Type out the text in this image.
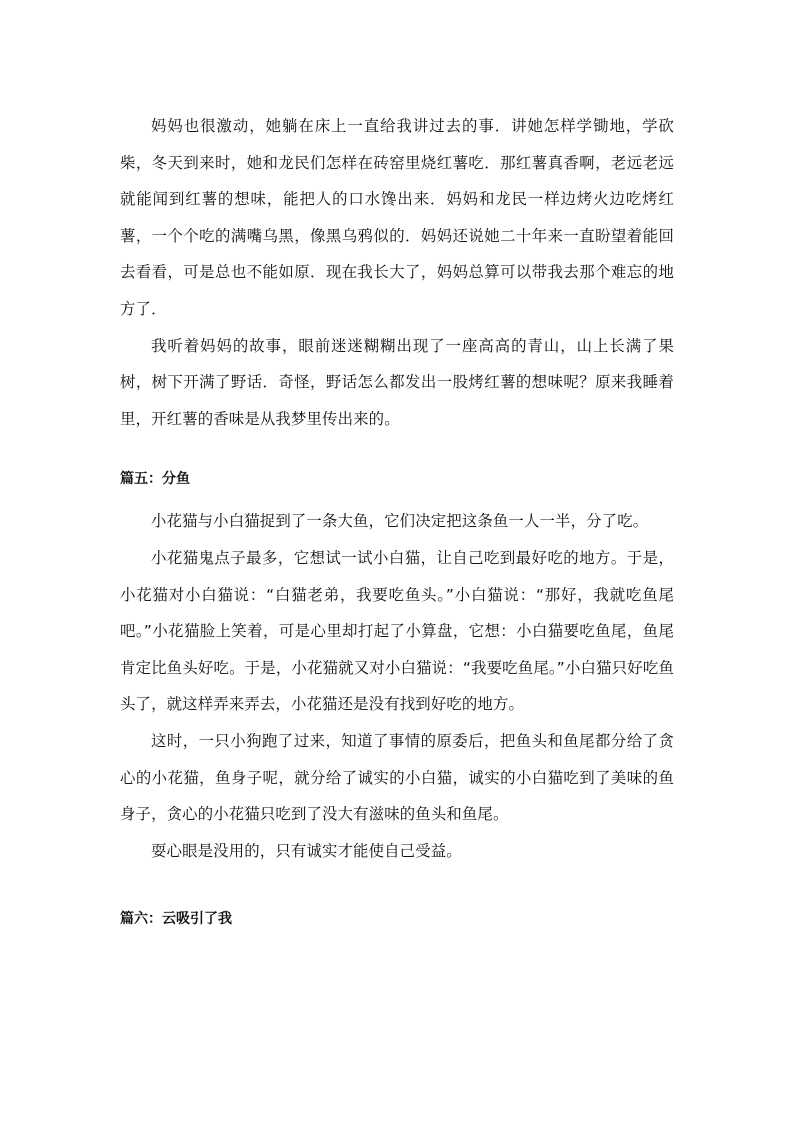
妈妈也很激动，她躺在床上一直给我讲过去的事．讲她怎样学锄地，学砍柴，冬天到来时，她和龙民们怎样在砖窑里烧红薯吃．那红薯真香啊，老远老远就能闻到红薯的想味，能把人的口水馋出来．妈妈和龙民一样边烤火边吃烤红薯，一个个吃的满嘴乌黑，像黑乌鸦似的．妈妈还说她二十年来一直盼望着能回去看看，可是总也不能如原．现在我长大了，妈妈总算可以带我去那个难忘的地方了．

我听着妈妈的故事，眼前迷迷糊糊出现了一座高高的青山，山上长满了果树，树下开满了野话．奇怪，野话怎么都发出一股烤红薯的想味呢？原来我睡着里，开红薯的香味是从我梦里传出来的。

篇五：分鱼

小花猫与小白猫捉到了一条大鱼，它们决定把这条鱼一人一半，分了吃。

小花猫鬼点子最多，它想试一试小白猫，让自己吃到最好吃的地方。于是，小花猫对小白猫说：“白猫老弟，我要吃鱼头。”小白猫说：“那好，我就吃鱼尾吧。”小花猫脸上笑着，可是心里却打起了小算盘，它想：小白猫要吃鱼尾，鱼尾肯定比鱼头好吃。于是，小花猫就又对小白猫说：“我要吃鱼尾。”小白猫只好吃鱼头了，就这样弄来弄去，小花猫还是没有找到好吃的地方。

这时，一只小狗跑了过来，知道了事情的原委后，把鱼头和鱼尾都分给了贪心的小花猫，鱼身子呢，就分给了诚实的小白猫，诚实的小白猫吃到了美味的鱼身子，贪心的小花猫只吃到了没大有滋味的鱼头和鱼尾。

耍心眼是没用的，只有诚实才能使自己受益。

篇六：云吸引了我
